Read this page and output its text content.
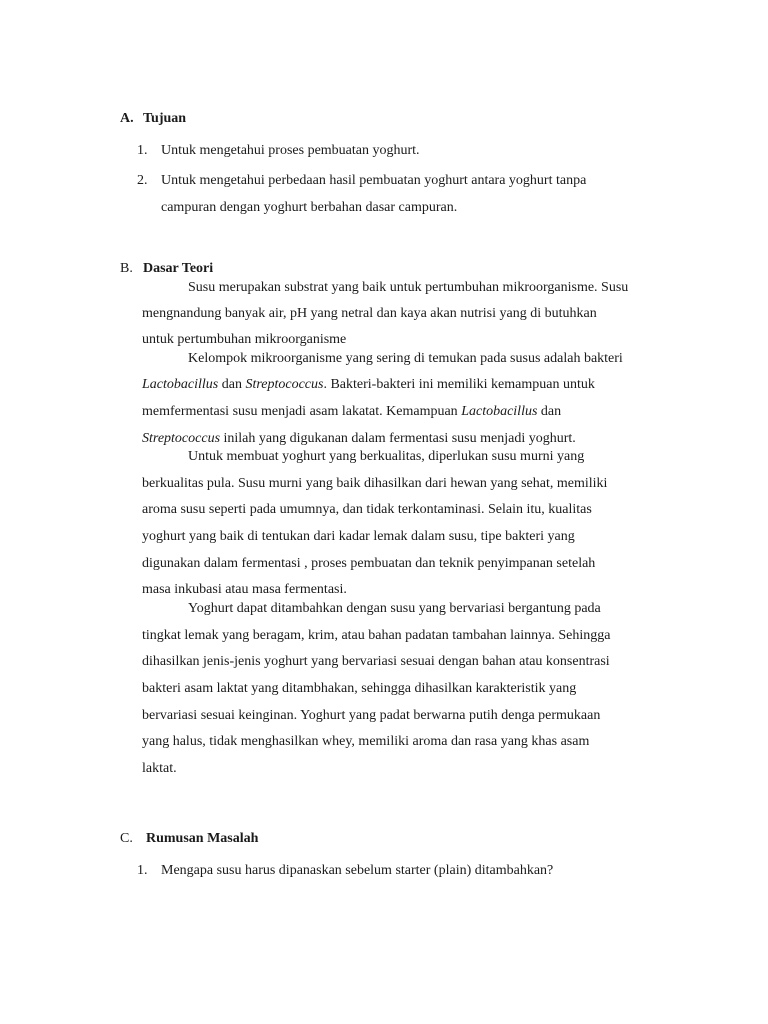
A. Tujuan
1. Untuk mengetahui proses pembuatan yoghurt.
2. Untuk mengetahui perbedaan hasil pembuatan yoghurt antara yoghurt tanpa
campuran dengan yoghurt berbahan dasar campuran.
B. Dasar Teori
Susu merupakan substrat yang baik untuk pertumbuhan mikroorganisme. Susu
mengnandung banyak air, pH yang netral dan kaya akan nutrisi yang di butuhkan
untuk pertumbuhan mikroorganisme
Kelompok mikroorganisme yang sering di temukan pada susus adalah bakteri
Lactobacillus dan Streptococcus. Bakteri-bakteri ini memiliki kemampuan untuk
memfermentasi susu menjadi asam lakatat. Kemampuan Lactobacillus dan
Streptococcus inilah yang digukanan dalam fermentasi susu menjadi yoghurt.
Untuk membuat yoghurt yang berkualitas, diperlukan susu murni yang
berkualitas pula. Susu murni yang baik dihasilkan dari hewan yang sehat, memiliki
aroma susu seperti pada umumnya, dan tidak terkontaminasi. Selain itu, kualitas
yoghurt yang baik di tentukan dari kadar lemak dalam susu, tipe bakteri yang
digunakan dalam fermentasi , proses pembuatan dan teknik penyimpanan setelah
masa inkubasi atau masa fermentasi.
Yoghurt dapat ditambahkan dengan susu yang bervariasi bergantung pada
tingkat lemak yang beragam, krim, atau bahan padatan tambahan lainnya. Sehingga
dihasilkan jenis-jenis yoghurt yang bervariasi sesuai dengan bahan atau konsentrasi
bakteri asam laktat yang ditambhakan, sehingga dihasilkan karakteristik yang
bervariasi sesuai keinginan. Yoghurt yang padat berwarna putih denga permukaan
yang halus, tidak menghasilkan whey, memiliki aroma dan rasa yang khas asam
laktat.
C. Rumusan Masalah
1. Mengapa susu harus dipanaskan sebelum starter (plain) ditambahkan?
